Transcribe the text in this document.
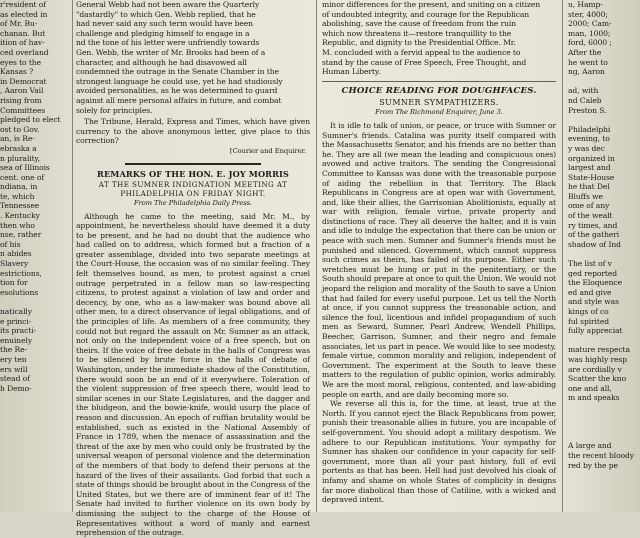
r'resident of
as elected in
of Mr. Bu-
chanan. But
ition of hav-
ced overland
eyes to the
Kansas ?
in Democrat
, Aaron Vail
rising from
Committees
pledged to elect
ost to Gov.
an, is Re-
ebraska a
n plurality,
sea of Illinois
cent. one of
ndiana, in
te, which
Tennessee
. Kentucky
then who
nse, rather
of his
n abides
Slavery
estrictions,
tion for
esolutions

natically
e princi-
its practi-
enuinely
the Re-
ery ten
ers will
stead of
h Demo-
General Webb had not been aware the Quarterly
"dastardly" to which Gen. Webb replied, that he
had never said any such term would have been
challenge and pledging himself to engage in a
nd the tone of his letter were unfriendly towards
Gen. Webb, the writer of Mr. Brooks had been of a
character, and although he had disavowed all
condemned the outrage in the Senate Chamber in the
strongest language he could use, yet he had studiously
avoided personalities, as he was determined to guard
against all mere personal affairs in future, and combat
solely for principles.

The Tribune, Herald, Express and Times, which have given currency to the above anonymous letter, give place to this correction?

[Courier and Enquirer.
REMARKS OF THE HON. E. JOY MORRIS
AT THE SUMNER INDIGNATION MEETING AT
PHILADELPHIA ON FRIDAY NIGHT.
From The Philadelphia Daily Press.

Although he came to the meeting, said Mr. M., by appointment, he nevertheless should have deemed it a duty to be present, and he had no doubt that the audience who had called on to address, which formed but a fraction of a greater assemblage, divided into two separate meetings at the Court-House, the occasion was of no similar feeling. They felt themselves bound, as men, to protest against a cruel outrage perpetrated in a fellow man so law-respecting citizens, to protest against a violation of law and order and decency, by one, who as a law-maker was bound above all other men, to a direct observance of legal obligations, and of the principles of life. As members of a free community, they could not but regard the assault on Mr. Sumner as an attack, not only on the independent voice of a free speech, but on theirs. If the voice of free debate in the halls of Congress was to be silenced by brute force in the halls of debate of Washington, under the immediate shadow of the Constitution, there would soon be an end of it everywhere. Toleration of the violent suppression of free speech there, would lead to similar scenes in our State Legislatures, and the dagger and the bludgeon, and the bowie-knife, would usurp the place of reason and discussion. An epoch of ruffian brutality would be established, such as existed in the National Assembly of France in 1789, when the menace of assassination and the threat of the axe by men who could only be frustrated by the universal weapon of personal violence and the determination of the members of that body to defend their persons at the hazard of the lives of their assailants. God forbid that such a state of things should be brought about in the Congress of the United States, but we there are of imminent fear of it! The Senate had invited to further violence on its own body by dismissing the subject to the charge of the House of Representatives without a word of manly and earnest reprehension of the outrage.

minor differences for the present, and uniting on a citizen
of undoubted integrity, and courage for the Republican
abolishing, save the cause of freedom from the ruin
which now threatens it—restore tranquillity to the
Republic, and dignity to the Presidential Office. Mr.
M. concluded with a fervid appeal to the audience to
stand by the cause of Free Speech, Free Thought, and
Human Liberty.
CHOICE READING FOR DOUGHFACES.
SUMNER SYMPATHIZERS.
From The Richmond Enquirer, June 3.

It is idle to talk of union, or peace, or truce with Sumner or Sumner's friends. Catalina was purity itself compared with the Massachusetts Senator, and his friends are no better than he. They are all (we mean the leading and conspicuous ones) avowed and active traitors. The sending the Congressional Committee to Kansas was done with the treasonable purpose of aiding the rebellion in that Territory. The Black Republicans in Congress are at open war with Government, and, like their allies, the Garrisonian Abolitionists, equally at war with religion, female virtue, private property and distinctions of race. They all deserve the halter, and it is vain and idle to indulge the expectation that there can be union or peace with such men. Sumner and Sumner's friends must be punished and silenced. Government, which cannot suppress such crimes as theirs, has failed of its purpose. Either such wretches must be hung or put in the penitentiary, or the South should prepare at once to quit the Union. We would not jeopard the religion and morality of the South to save a Union that had failed for every useful purpose. Let us tell the North at once, if you cannot suppress the treasonable action, and silence the foul, licentious and infidel propagandism of such men as Seward, Sumner, Pearl Andrew, Wendell Phillips, Beecher, Garrison, Sumner, and their negro and female associates, let us part in peace. We would like to see modesty, female virtue, common morality and religion, independent of Government. The experiment at the South to leave these matters to the regulation of public opinion, works admirably. We are the most moral, religious, contented, and law-abiding people on earth, and are daily becoming more so.

We reverse all this is, for the time, at least, true at the North. If you cannot eject the Black Republicans from power, punish their treasonable allies in future, you are incapable of self-government. You should adopt a military despotism. We adhere to our Republican institutions. Your sympathy for Sumner has shaken our confidence in your capacity for self-government, more than all your past history, full of evil portents as that has been. Hell had just devolved his cloak of infamy and shame on whole States of complicity in designs far more diabolical than those of Catiline, with a wicked and depraved intent.

u, Hamp-
ster, 4000;
2000; Cam-
man, 1000;
ford, 6000 ;
After the
he went to
ng, Aaron

ad, with
nd Caleb
Preston S.

Philadelphi
evening, to
y was dec
organized in
largest and
State-House
he that Del
Bluffs we
ome of any
of the wealt
ry times, and
of the gatheri
shadow of Ind

The list of v
ged reported
the Eloquence
ed and give
and style was
kings of co
ful spirited
fully appreciat

mature respecta
was highly resp
are cordially v
Scatter the kno
one and all,
m and speaks

A large and
the recent bloody
red by the pe
